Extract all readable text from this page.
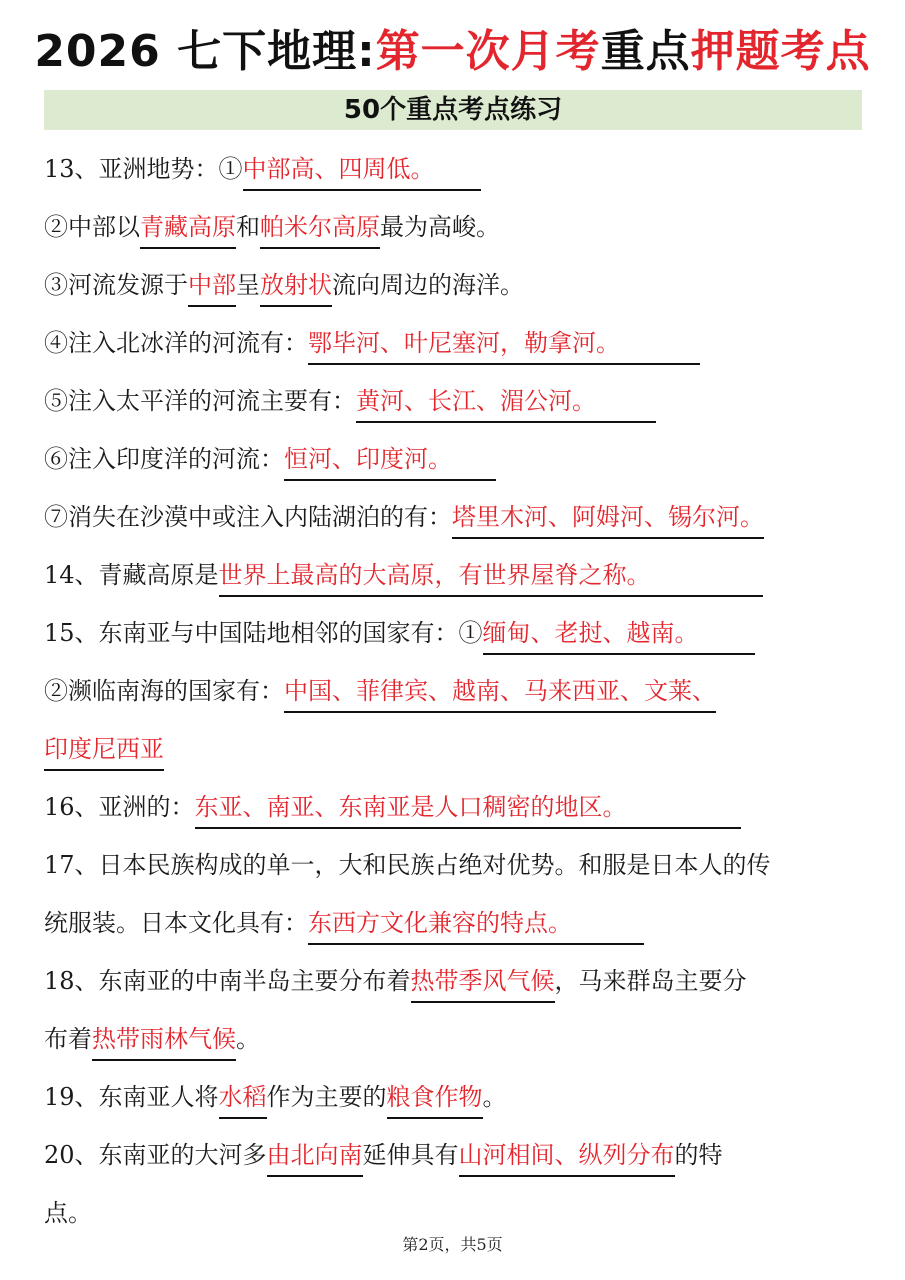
2026 七下地理:第一次月考重点押题考点
50个重点考点练习
13、亚洲地势：①中部高、四周低。
②中部以青藏高原和帕米尔高原最为高峻。
③河流发源于中部呈放射状流向周边的海洋。
④注入北冰洋的河流有：鄂毕河、叶尼塞河，勒拿河。
⑤注入太平洋的河流主要有：黄河、长江、湄公河。
⑥注入印度洋的河流：恒河、印度河。
⑦消失在沙漠中或注入内陆湖泊的有：塔里木河、阿姆河、锡尔河。
14、青藏高原是世界上最高的大高原，有世界屋脊之称。
15、东南亚与中国陆地相邻的国家有：①缅甸、老挝、越南。
②濒临南海的国家有：中国、菲律宾、越南、马来西亚、文莱、
印度尼西亚
16、亚洲的：东亚、南亚、东南亚是人口稠密的地区。
17、日本民族构成的单一，大和民族占绝对优势。和服是日本人的传
统服装。日本文化具有：东西方文化兼容的特点。
18、东南亚的中南半岛主要分布着热带季风气候，马来群岛主要分
布着热带雨林气候。
19、东南亚人将水稻作为主要的粮食作物。
20、东南亚的大河多由北向南延伸具有山河相间、纵列分布的特
点。
第2页，共5页
